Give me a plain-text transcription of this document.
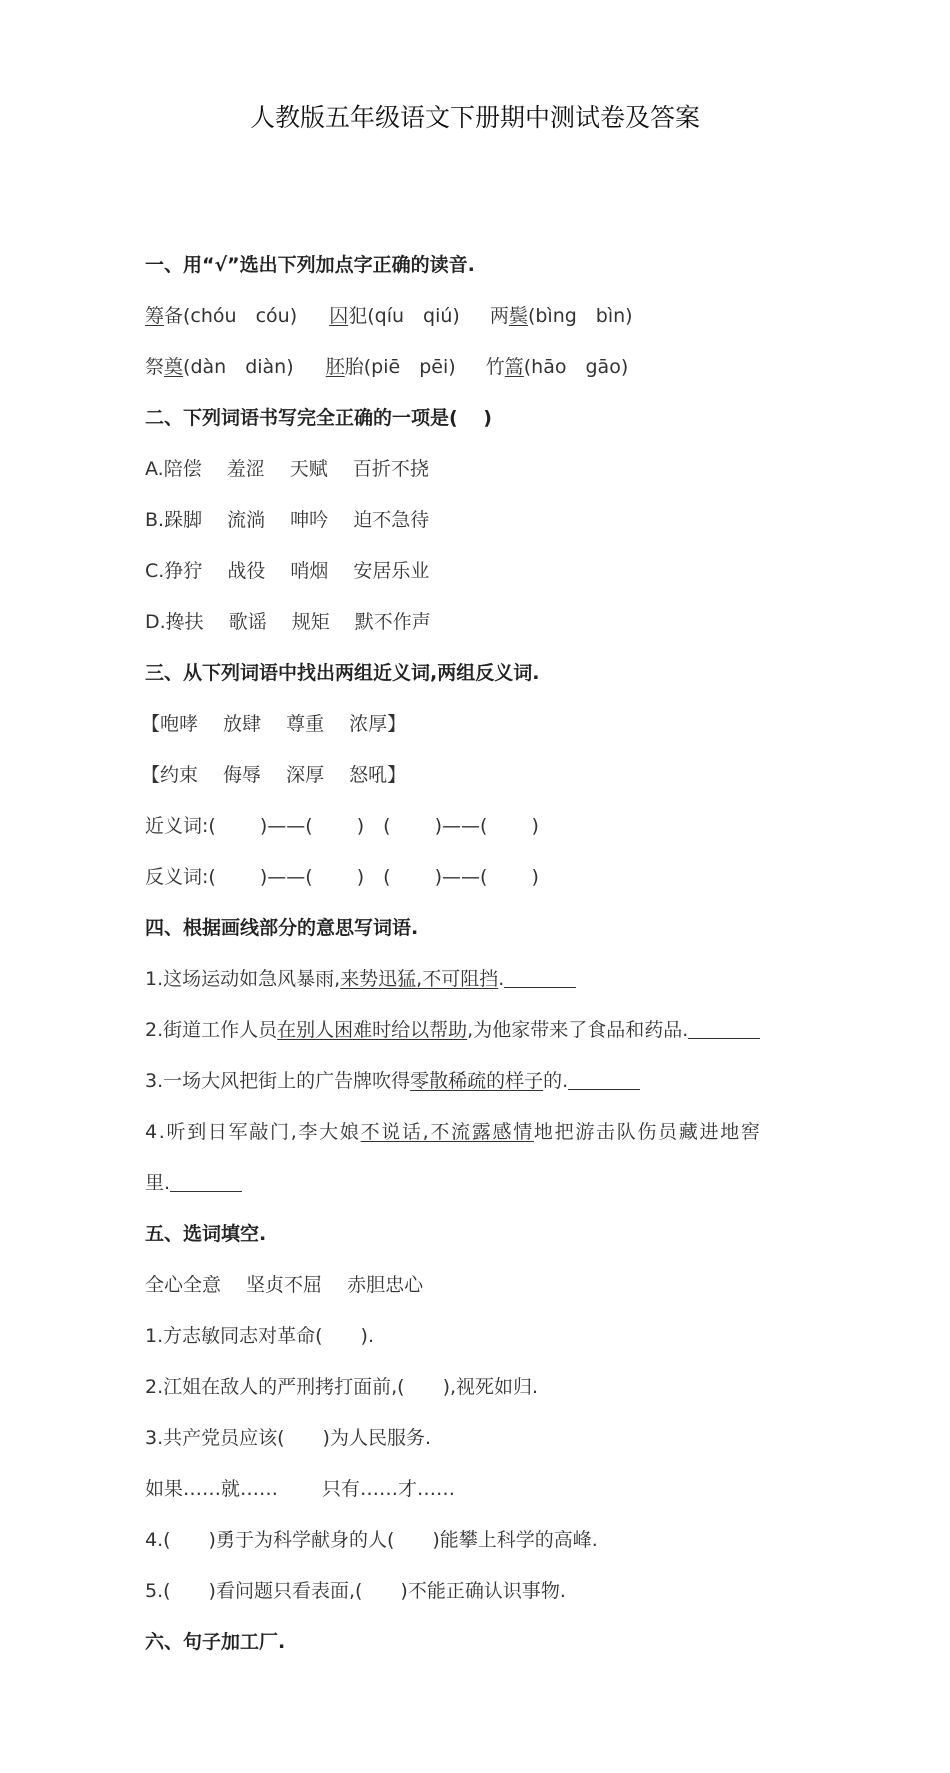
人教版五年级语文下册期中测试卷及答案
一、用“√”选出下列加点字正确的读音.
筹备(chóu　cóu) 囚犯(qíu　qiú) 两鬓(bìng　bìn)
祭奠(dàn　diàn) 胚胎(piē　pēi) 竹篙(hāo　gāo)
二、下列词语书写完全正确的一项是(　 )
A.陪偿　 羞涩　 天赋　 百折不挠
B.跺脚　 流淌　 呻吟　 迫不急待
C.狰狞　 战役　 哨烟　 安居乐业
D.搀扶　 歌谣　 规矩　 默不作声
三、从下列词语中找出两组近义词,两组反义词.
【咆哮　 放肆　 尊重　 浓厚】
【约束　 侮辱　 深厚　 怒吼】
近义词:(　　 )——(　　 )　(　　 )——(　　 )
反义词:(　　 )——(　　 )　(　　 )——(　　 )
四、根据画线部分的意思写词语.
1.这场运动如急风暴雨,来势迅猛,不可阻挡.
2.街道工作人员在别人困难时给以帮助,为他家带来了食品和药品.
3.一场大风把街上的广告牌吹得零散稀疏的样子的.
4.听到日军敲门,李大娘不说话,不流露感情地把游击队伤员藏进地窖
里.
五、选词填空.
全心全意　 坚贞不屈　 赤胆忠心
1.方志敏同志对革命(　　).
2.江姐在敌人的严刑拷打面前,(　　),视死如归.
3.共产党员应该(　　)为人民服务.
如果……就……　　 只有……才……
4.(　　)勇于为科学献身的人(　　)能攀上科学的高峰.
5.(　　)看问题只看表面,(　　)不能正确认识事物.
六、句子加工厂.
